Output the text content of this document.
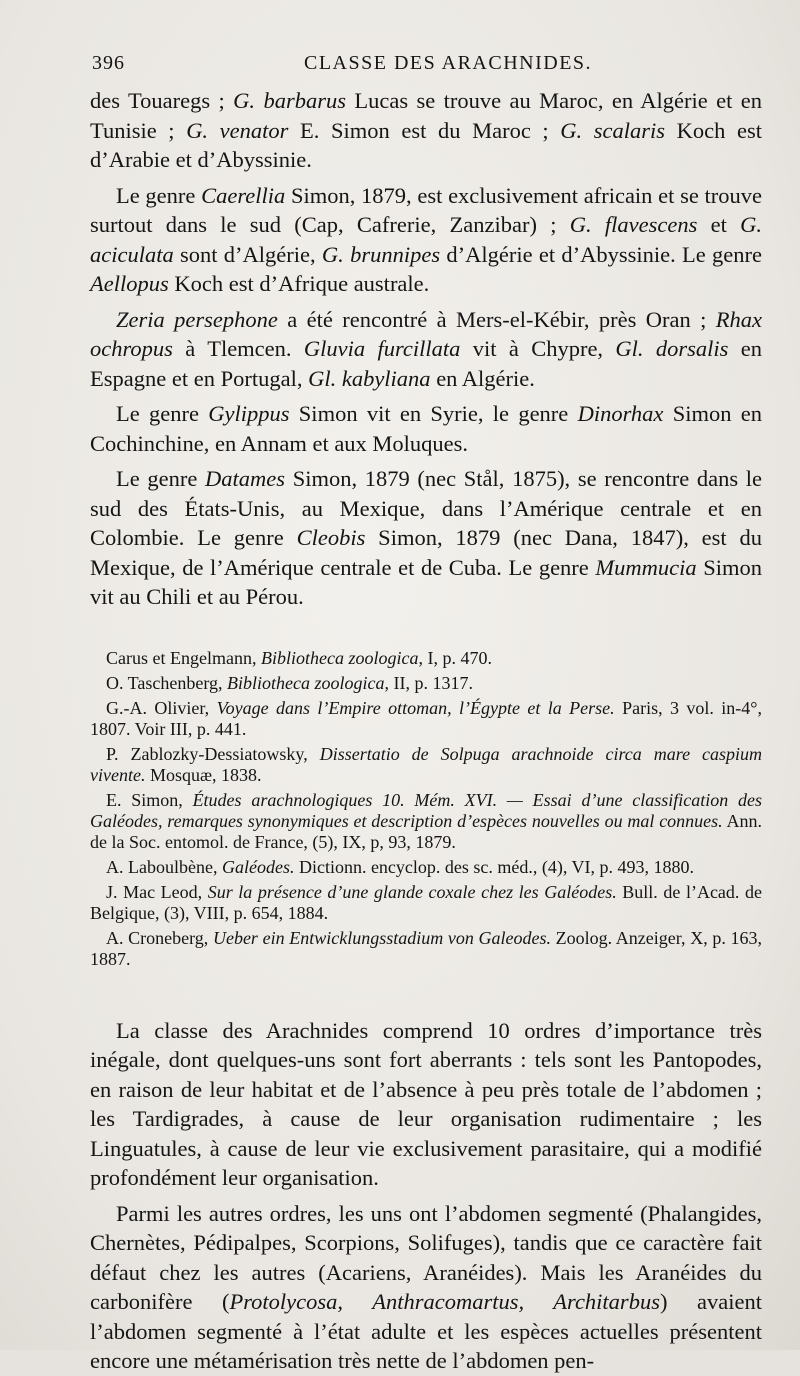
396	CLASSE DES ARACHNIDES.

des Touaregs ; G. barbarus Lucas se trouve au Maroc, en Algérie et en Tunisie ; G. venator E. Simon est du Maroc ; G. scalaris Koch est d’Arabie et d’Abyssinie.

Le genre Caerellia Simon, 1879, est exclusivement africain et se trouve surtout dans le sud (Cap, Cafrerie, Zanzibar) ; G. flavescens et G. aciculata sont d’Algérie, G. brunnipes d’Algérie et d’Abyssinie. Le genre Aellopus Koch est d’Afrique australe.

Zeria persephone a été rencontré à Mers-el-Kébir, près Oran ; Rhax ochropus à Tlemcen. Gluvia furcillata vit à Chypre, Gl. dorsalis en Espagne et en Portugal, Gl. kabyliana en Algérie.

Le genre Gylippus Simon vit en Syrie, le genre Dinorhax Simon en Cochinchine, en Annam et aux Moluques.

Le genre Datames Simon, 1879 (nec Stål, 1875), se rencontre dans le sud des États-Unis, au Mexique, dans l’Amérique centrale et en Colombie. Le genre Cleobis Simon, 1879 (nec Dana, 1847), est du Mexique, de l’Amérique centrale et de Cuba. Le genre Mummucia Simon vit au Chili et au Pérou.

Carus et Engelmann, Bibliotheca zoologica, I, p. 470.

O. Taschenberg, Bibliotheca zoologica, II, p. 1317.

G.-A. Olivier, Voyage dans l’Empire ottoman, l’Égypte et la Perse. Paris, 3 vol. in-4°, 1807. Voir III, p. 441.

P. Zablozky-Dessiatowsky, Dissertatio de Solpuga arachnoide circa mare caspium vivente. Mosquæ, 1838.

E. Simon, Études arachnologiques 10. Mém. XVI. — Essai d’une classification des Galéodes, remarques synonymiques et description d’espèces nouvelles ou mal connues. Ann. de la Soc. entomol. de France, (5), IX, p, 93, 1879.

A. Laboulbène, Galéodes. Dictionn. encyclop. des sc. méd., (4), VI, p. 493, 1880.

J. Mac Leod, Sur la présence d’une glande coxale chez les Galéodes. Bull. de l’Acad. de Belgique, (3), VIII, p. 654, 1884.

A. Croneberg, Ueber ein Entwicklungsstadium von Galeodes. Zoolog. Anzeiger, X, p. 163, 1887.

La classe des Arachnides comprend 10 ordres d’importance très inégale, dont quelques-uns sont fort aberrants : tels sont les Pantopodes, en raison de leur habitat et de l’absence à peu près totale de l’abdomen ; les Tardigrades, à cause de leur organisation rudimentaire ; les Linguatules, à cause de leur vie exclusivement parasitaire, qui a modifié profondément leur organisation.

Parmi les autres ordres, les uns ont l’abdomen segmenté (Phalangides, Chernètes, Pédipalpes, Scorpions, Solifuges), tandis que ce caractère fait défaut chez les autres (Acariens, Aranéides). Mais les Aranéides du carbonifère (Protolycosa, Anthracomartus, Architarbus) avaient l’abdomen segmenté à l’état adulte et les espèces actuelles présentent encore une métamérisation très nette de l’abdomen pen-
